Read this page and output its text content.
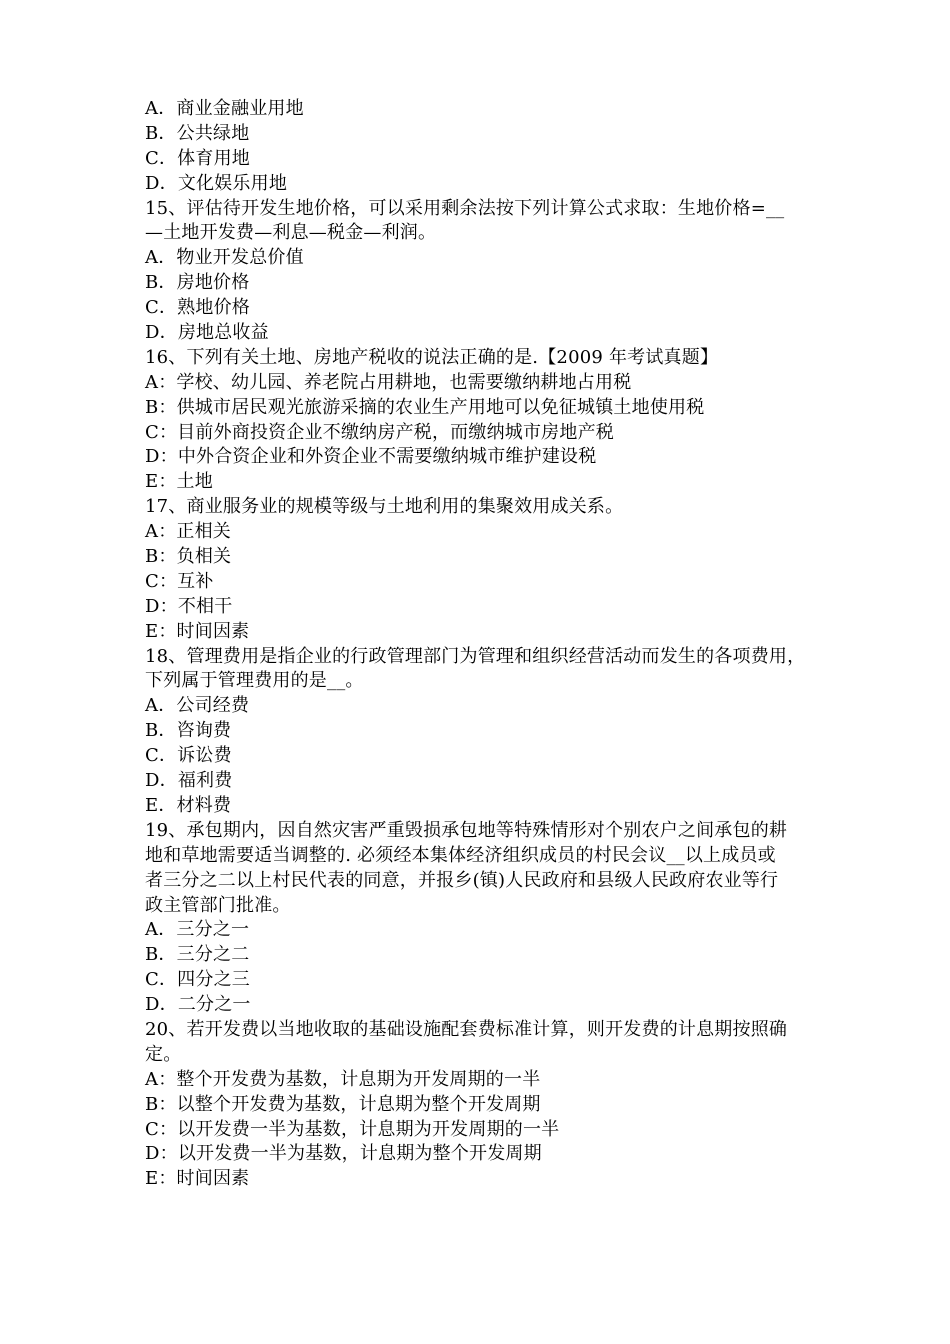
A．商业金融业用地
B．公共绿地
C．体育用地
D．文化娱乐用地
15、评估待开发生地价格，可以采用剩余法按下列计算公式求取：生地价格=__
—土地开发费—利息—税金—利润。
A．物业开发总价值
B．房地价格
C．熟地价格
D．房地总收益
16、下列有关土地、房地产税收的说法正确的是.【2009 年考试真题】
A：学校、幼儿园、养老院占用耕地，也需要缴纳耕地占用税
B：供城市居民观光旅游采摘的农业生产用地可以免征城镇土地使用税
C：目前外商投资企业不缴纳房产税，而缴纳城市房地产税
D：中外合资企业和外资企业不需要缴纳城市维护建设税
E：土地
17、商业服务业的规模等级与土地利用的集聚效用成关系。
A：正相关
B：负相关
C：互补
D：不相干
E：时间因素
18、管理费用是指企业的行政管理部门为管理和组织经营活动而发生的各项费用，
下列属于管理费用的是__。
A．公司经费
B．咨询费
C．诉讼费
D．福利费
E．材料费
19、承包期内，因自然灾害严重毁损承包地等特殊情形对个别农户之间承包的耕
地和草地需要适当调整的. 必须经本集体经济组织成员的村民会议__以上成员或
者三分之二以上村民代表的同意，并报乡(镇)人民政府和县级人民政府农业等行
政主管部门批准。
A．三分之一
B．三分之二
C．四分之三
D．二分之一
20、若开发费以当地收取的基础设施配套费标准计算，则开发费的计息期按照确
定。
A：整个开发费为基数，计息期为开发周期的一半
B：以整个开发费为基数，计息期为整个开发周期
C：以开发费一半为基数，计息期为开发周期的一半
D：以开发费一半为基数，计息期为整个开发周期
E：时间因素
